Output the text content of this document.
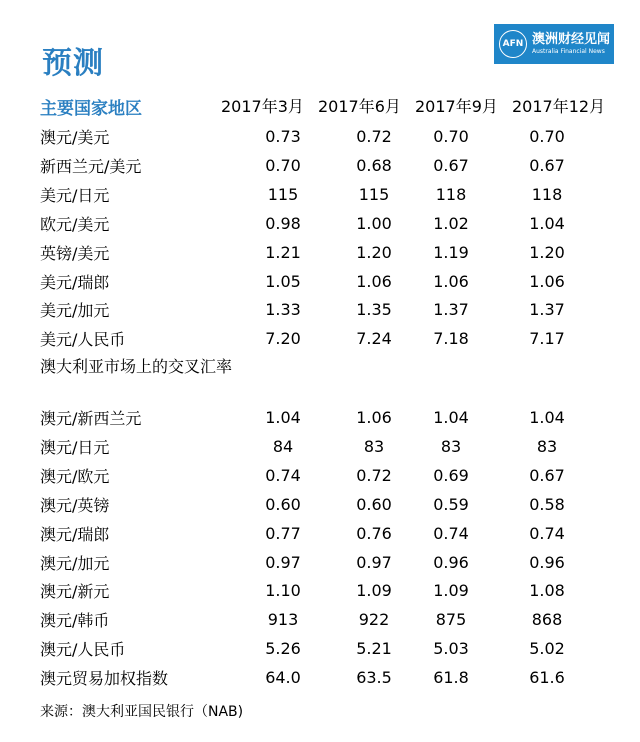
预测
AFN 澳洲财经见闻
Australia Financial News
主要国家地区	2017年3月 2017年6月 2017年9月 2017年12月
澳元/美元	0.73	0.72	0.70	0.70
新西兰元/美元	0.70	0.68	0.67	0.67
美元/日元	115	115	118	118
欧元/美元	0.98	1.00	1.02	1.04
英镑/美元	1.21	1.20	1.19	1.20
美元/瑞郎	1.05	1.06	1.06	1.06
美元/加元	1.33	1.35	1.37	1.37
美元/人民币	7.20	7.24	7.18	7.17
澳大利亚市场上的交叉汇率
澳元/新西兰元	1.04	1.06	1.04	1.04
澳元/日元	84	83	83	83
澳元/欧元	0.74	0.72	0.69	0.67
澳元/英镑	0.60	0.60	0.59	0.58
澳元/瑞郎	0.77	0.76	0.74	0.74
澳元/加元	0.97	0.97	0.96	0.96
澳元/新元	1.10	1.09	1.09	1.08
澳元/韩币	913	922	875	868
澳元/人民币	5.26	5.21	5.03	5.02
澳元贸易加权指数	64.0	63.5	61.8	61.6
来源：澳大利亚国民银行（NAB)
